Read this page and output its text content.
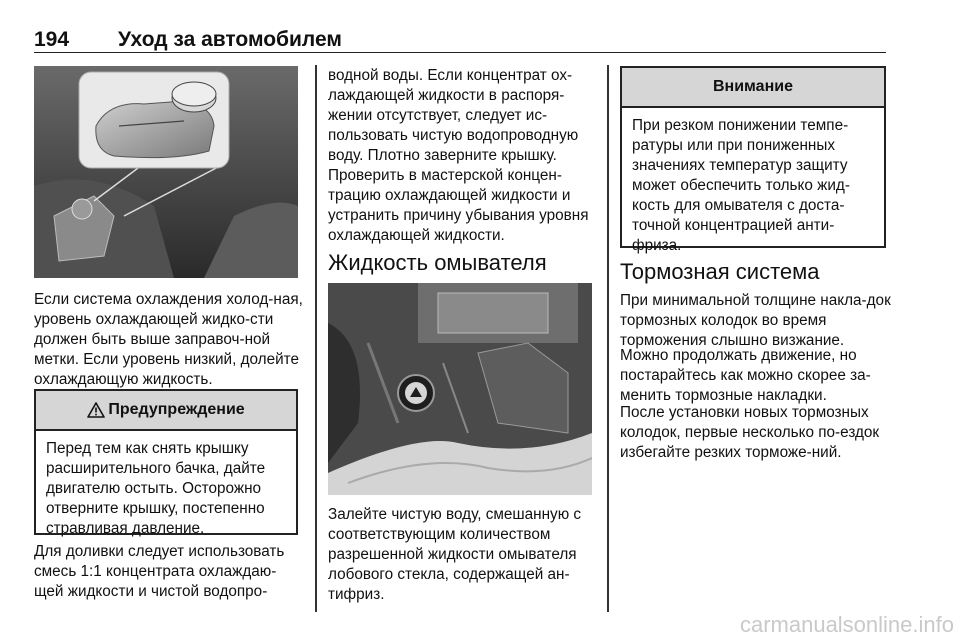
194 Уход за автомобилем

Если система охлаждения холод-ная, уровень охлаждающей жидко-сти должен быть выше заправоч-ной метки. Если уровень низкий, долейте охлаждающую жидкость.

Предупреждение
Перед тем как снять крышку расширительного бачка, дайте двигателю остыть. Осторожно отверните крышку, постепенно стравливая давление.

Для доливки следует использовать смесь 1:1 концентрата охлаждаю-щей жидкости и чистой водопро-

водной воды. Если концентрат ох-лаждающей жидкости в распоря-жении отсутствует, следует ис-пользовать чистую водопроводную воду. Плотно заверните крышку. Проверить в мастерской концен-трацию охлаждающей жидкости и устранить причину убывания уровня охлаждающей жидкости.

Жидкость омывателя

Залейте чистую воду, смешанную с соответствующим количеством разрешенной жидкости омывателя лобового стекла, содержащей ан-тифриз.

Внимание
При резком понижении темпе-ратуры или при пониженных значениях температур защиту может обеспечить только жид-кость для омывателя с доста-точной концентрацией анти-фриза.
Тормозная система

При минимальной толщине накла-док тормозных колодок во время торможения слышно визжание.

Можно продолжать движение, но постарайтесь как можно скорее за-менить тормозные накладки.

После установки новых тормозных колодок, первые несколько по-ездок избегайте резких торможе-ний.

carmanualsonline.info
